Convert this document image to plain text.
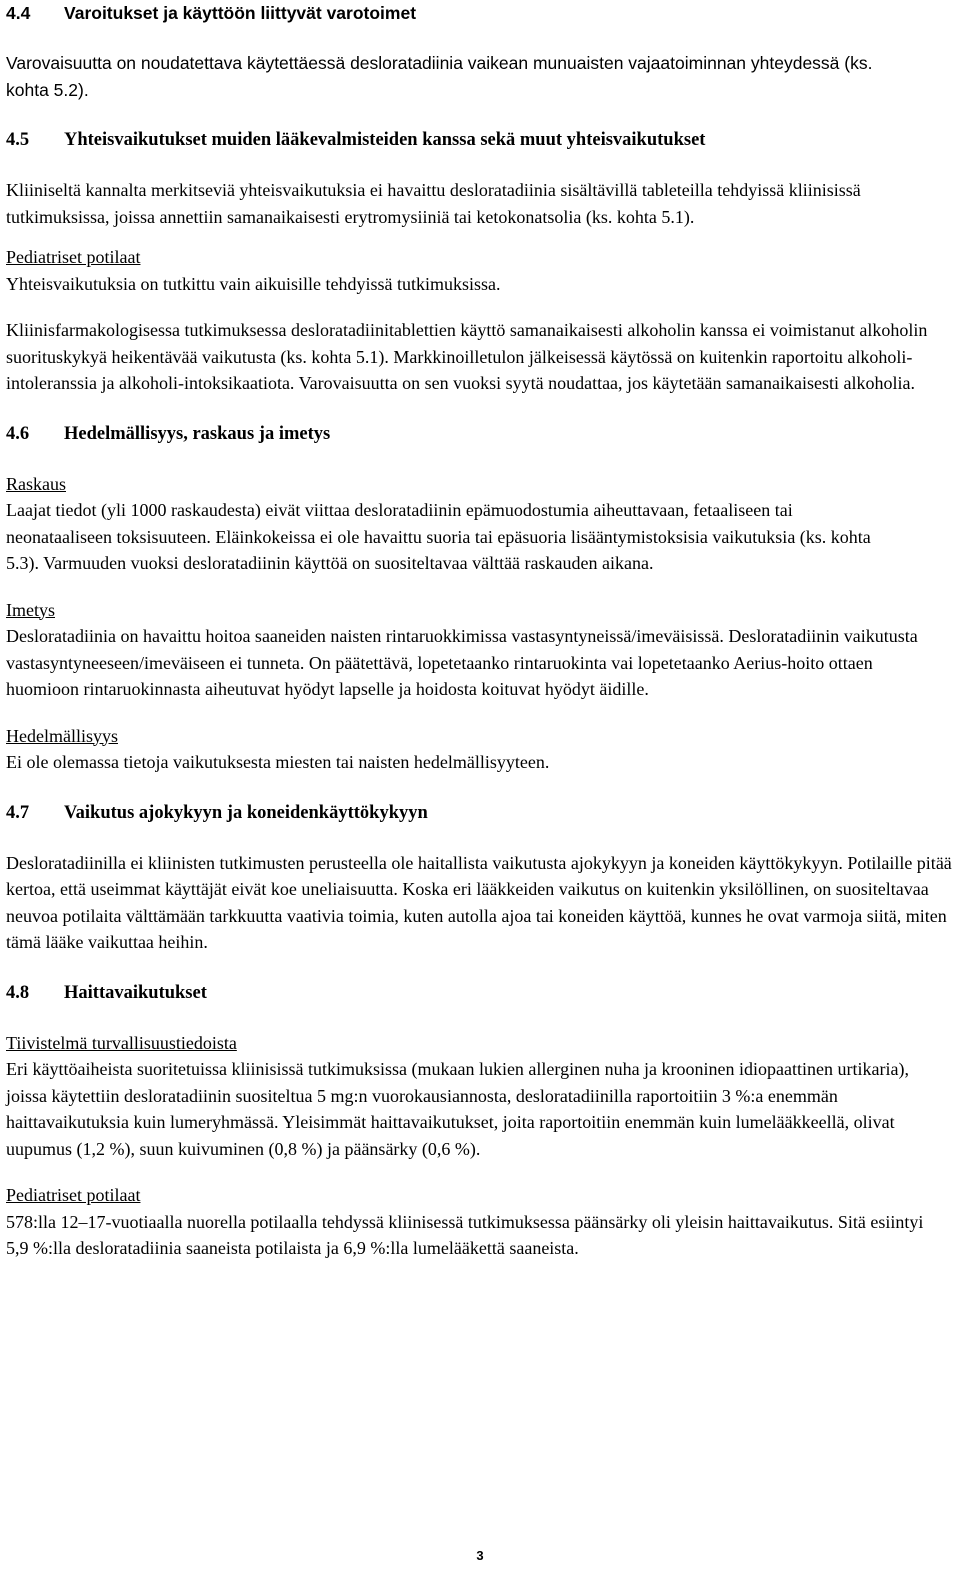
4.4	Varoitukset ja käyttöön liittyvät varotoimet

Varovaisuutta on noudatettava käytettäessä desloratadiinia vaikean munuaisten vajaatoiminnan yhteydessä (ks. kohta 5.2).

4.5	Yhteisvaikutukset muiden lääkevalmisteiden kanssa sekä muut yhteisvaikutukset

Kliiniseltä kannalta merkitseviä yhteisvaikutuksia ei havaittu desloratadiinia sisältävillä tableteilla tehdyissä kliinisissä tutkimuksissa, joissa annettiin samanaikaisesti erytromysiiniä tai ketokonatsolia (ks. kohta 5.1).

Pediatriset potilaat

Yhteisvaikutuksia on tutkittu vain aikuisille tehdyissä tutkimuksissa.

Kliinisfarmakologisessa tutkimuksessa desloratadiinitablettien käyttö samanaikaisesti alkoholin kanssa ei voimistanut alkoholin suorituskykyä heikentävää vaikutusta (ks. kohta 5.1). Markkinoilletulon jälkeisessä käytössä on kuitenkin raportoitu alkoholi-intoleranssia ja alkoholi-intoksikaatiota. Varovaisuutta on sen vuoksi syytä noudattaa, jos käytetään samanaikaisesti alkoholia.

4.6	Hedelmällisyys, raskaus ja imetys

Raskaus

Laajat tiedot (yli 1000 raskaudesta) eivät viittaa desloratadiinin epämuodostumia aiheuttavaan, fetaaliseen tai neonataaliseen toksisuuteen. Eläinkokeissa ei ole havaittu suoria tai epäsuoria lisääntymistoksisia vaikutuksia (ks. kohta 5.3). Varmuuden vuoksi desloratadiinin käyttöä on suositeltavaa välttää raskauden aikana.

Imetys

Desloratadiinia on havaittu hoitoa saaneiden naisten rintaruokkimissa vastasyntyneissä/imeväisissä. Desloratadiinin vaikutusta vastasyntyneeseen/imeväiseen ei tunneta. On päätettävä, lopetetaanko rintaruokinta vai lopetetaanko Aerius-hoito ottaen huomioon rintaruokinnasta aiheutuvat hyödyt lapselle ja hoidosta koituvat hyödyt äidille.

Hedelmällisyys

Ei ole olemassa tietoja vaikutuksesta miesten tai naisten hedelmällisyyteen.

4.7	Vaikutus ajokykyyn ja koneidenkäyttökykyyn

Desloratadiinilla ei kliinisten tutkimusten perusteella ole haitallista vaikutusta ajokykyyn ja koneiden käyttökykyyn. Potilaille pitää kertoa, että useimmat käyttäjät eivät koe uneliaisuutta. Koska eri lääkkeiden vaikutus on kuitenkin yksilöllinen, on suositeltavaa neuvoa potilaita välttämään tarkkuutta vaativia toimia, kuten autolla ajoa tai koneiden käyttöä, kunnes he ovat varmoja siitä, miten tämä lääke vaikuttaa heihin.

4.8	Haittavaikutukset

Tiivistelmä turvallisuustiedoista

Eri käyttöaiheista suoritetuissa kliinisissä tutkimuksissa (mukaan lukien allerginen nuha ja krooninen idiopaattinen urtikaria), joissa käytettiin desloratadiinin suositeltua 5 mg:n vuorokausiannosta, desloratadiinilla raportoitiin 3 %:a enemmän haittavaikutuksia kuin lumeryhmässä. Yleisimmät haittavaikutukset, joita raportoitiin enemmän kuin lumelääkkeellä, olivat uupumus (1,2 %), suun kuivuminen (0,8 %) ja päänsärky (0,6 %).

Pediatriset potilaat

578:lla 12–17-vuotiaalla nuorella potilaalla tehdyssä kliinisessä tutkimuksessa päänsärky oli yleisin haittavaikutus. Sitä esiintyi 5,9 %:lla desloratadiinia saaneista potilaista ja 6,9 %:lla lumelääkettä saaneista.

3
